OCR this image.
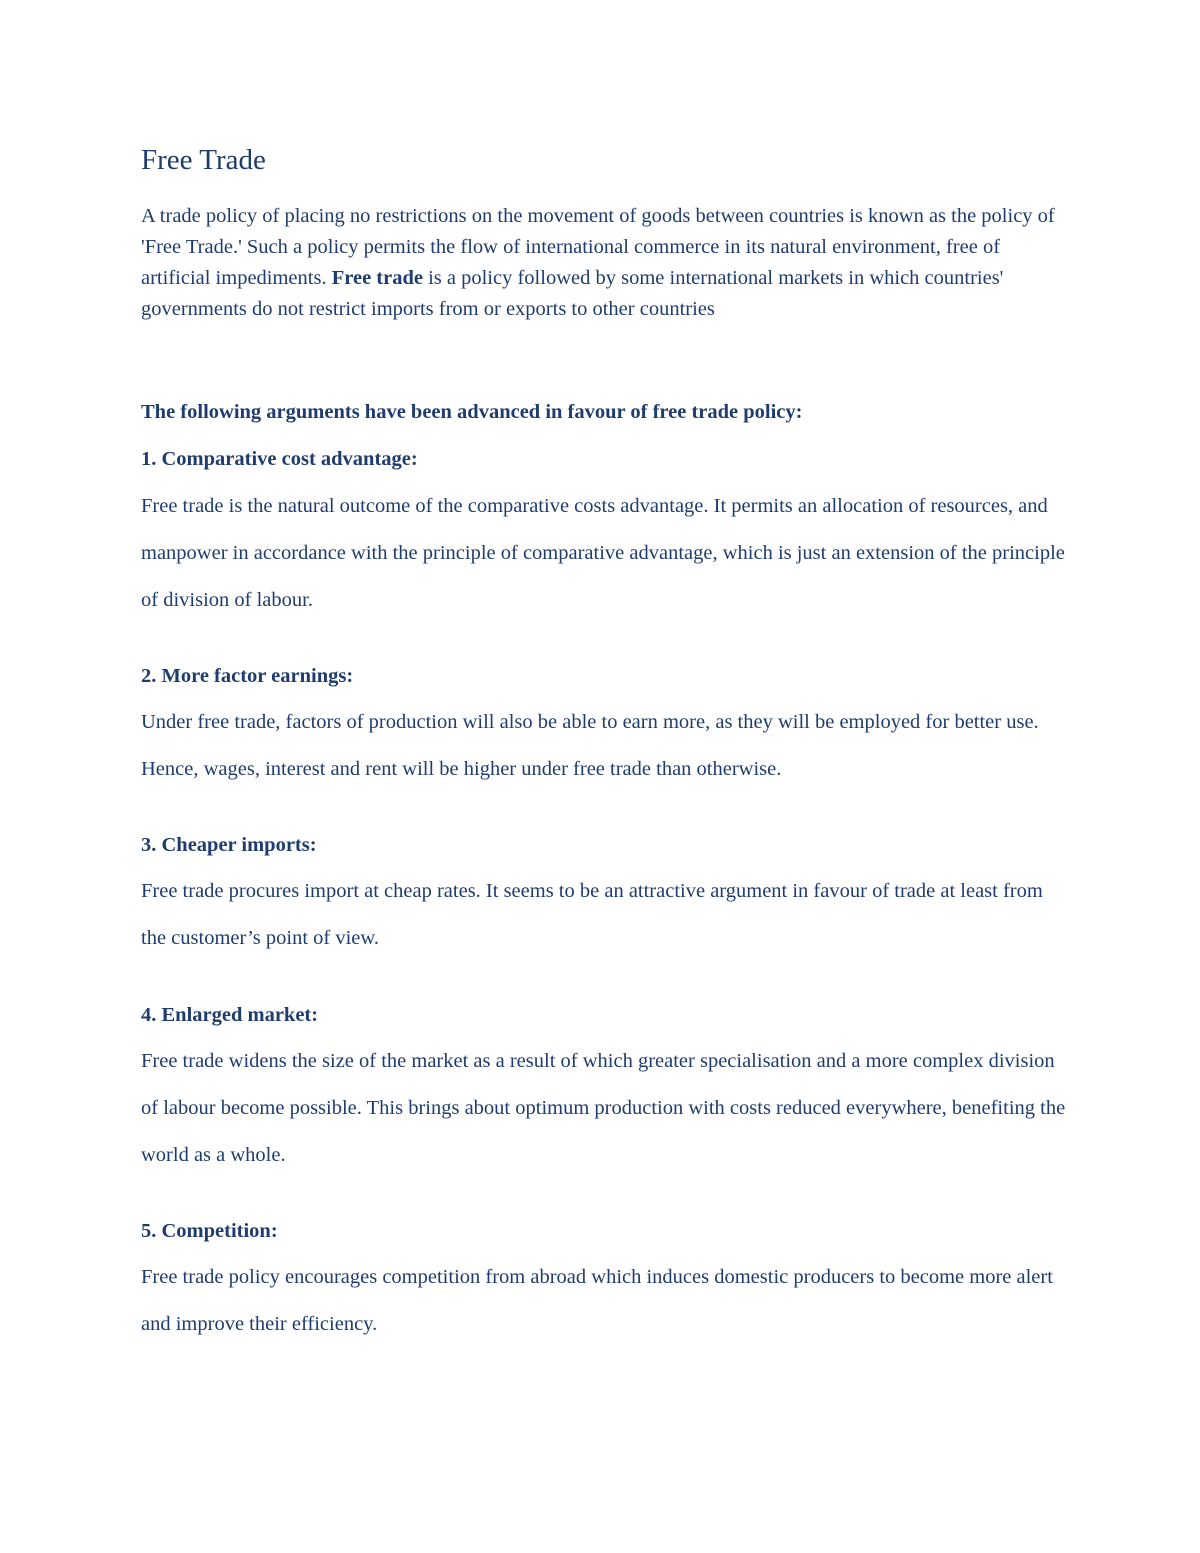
Free Trade

A trade policy of placing no restrictions on the movement of goods between countries is known as the policy of 'Free Trade.' Such a policy permits the flow of international commerce in its natural environment, free of artificial impediments. Free trade is a policy followed by some international markets in which countries' governments do not restrict imports from or exports to other countries

The following arguments have been advanced in favour of free trade policy:

1. Comparative cost advantage:

Free trade is the natural outcome of the comparative costs advantage. It permits an allocation of resources, and manpower in accordance with the principle of comparative advantage, which is just an extension of the principle of division of labour.

2. More factor earnings:

Under free trade, factors of production will also be able to earn more, as they will be employed for better use. Hence, wages, interest and rent will be higher under free trade than otherwise.

3. Cheaper imports:

Free trade procures import at cheap rates. It seems to be an attractive argument in favour of trade at least from the customer’s point of view.

4. Enlarged market:

Free trade widens the size of the market as a result of which greater specialisation and a more complex division of labour become possible. This brings about optimum production with costs reduced everywhere, benefiting the world as a whole.

5. Competition:

Free trade policy encourages competition from abroad which induces domestic producers to become more alert and improve their efficiency.
